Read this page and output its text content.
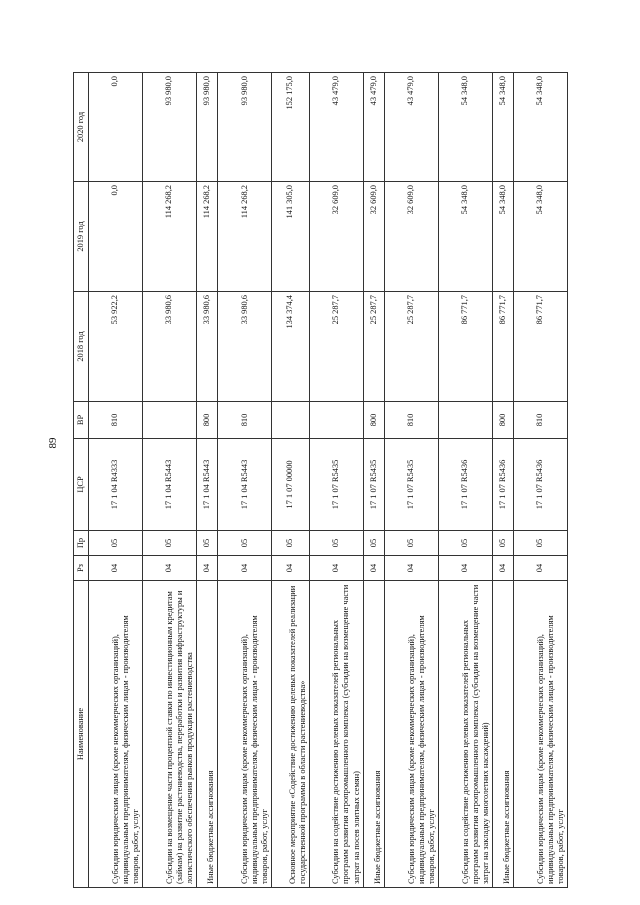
89
Наименование	Рз	Пр	ЦСР	ВР	2018 год	2019 год	2020 год
Субсидии юридическим лицам (кроме некоммерческих организаций), индивидуальным предпринимателям, физическим лицам - производителям товаров, работ, услуг	04	05	17 1 04 R4333	810	53 922,2	0,0	0,0
Субсидии на возмещение части процентной ставки по инвестиционным кредитам (займам) на развитие растениеводства, переработки и развития инфраструктуры и логистического обеспечения рынков продукции растениеводства	04	05	17 1 04 R5443		33 980,6	114 268,2	93 980,0
Иные бюджетные ассигнования	04	05	17 1 04 R5443	800	33 980,6	114 268,2	93 980,0
Субсидии юридическим лицам (кроме некоммерческих организаций), индивидуальным предпринимателям, физическим лицам - производителям товаров, работ, услуг	04	05	17 1 04 R5443	810	33 980,6	114 268,2	93 980,0
Основное мероприятие «Содействие достижению целевых показателей реализации государственной программы в области растениеводства»	04	05	17 1 07 00000		134 374,4	141 305,0	152 175,0
Субсидии на содействие достижению целевых показателей региональных программ развития агропромышленного комплекса (субсидии на возмещение части затрат на посев элитных семян)	04	05	17 1 07 R5435		25 287,7	32 609,0	43 479,0
Иные бюджетные ассигнования	04	05	17 1 07 R5435	800	25 287,7	32 609,0	43 479,0
Субсидии юридическим лицам (кроме некоммерческих организаций), индивидуальным предпринимателям, физическим лицам - производителям товаров, работ, услуг	04	05	17 1 07 R5435	810	25 287,7	32 609,0	43 479,0
Субсидии на содействие достижению целевых показателей региональных программ развития агропромышленного комплекса (субсидии на возмещение части затрат на закладку многолетних насаждений)	04	05	17 1 07 R5436		86 771,7	54 348,0	54 348,0
Иные бюджетные ассигнования	04	05	17 1 07 R5436	800	86 771,7	54 348,0	54 348,0
Субсидии юридическим лицам (кроме некоммерческих организаций), индивидуальным предпринимателям, физическим лицам - производителям товаров, работ, услуг	04	05	17 1 07 R5436	810	86 771,7	54 348,0	54 348,0
